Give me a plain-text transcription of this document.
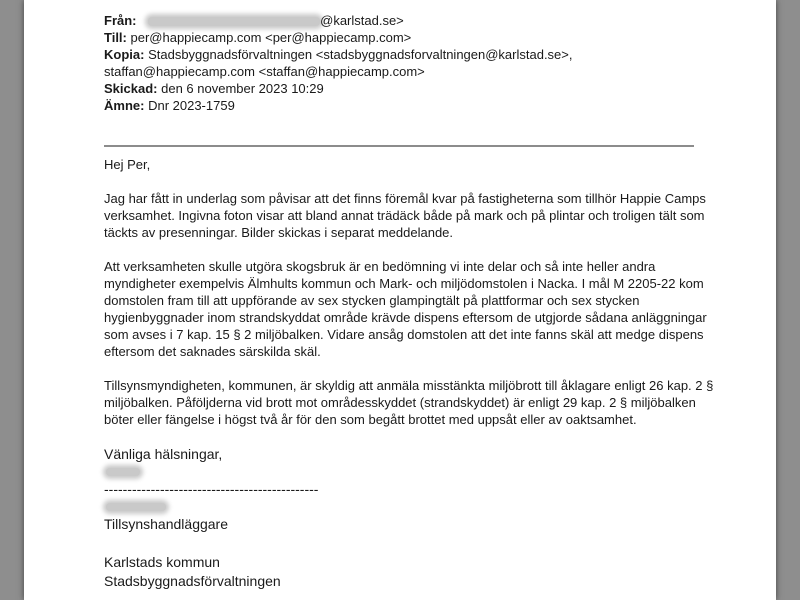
Från:	@karlstad.se>
Till: per@happiecamp.com <per@happiecamp.com>
Kopia: Stadsbyggnadsförvaltningen <stadsbyggnadsforvaltningen@karlstad.se>,
staffan@happiecamp.com <staffan@happiecamp.com>
Skickad: den 6 november 2023 10:29
Ämne: Dnr 2023-1759

Hej Per,

Jag har fått in underlag som påvisar att det finns föremål kvar på fastigheterna som tillhör Happie Camps verksamhet. Ingivna foton visar att bland annat trädäck både på mark och på plintar och troligen tält som täckts av presenningar. Bilder skickas i separat meddelande.

Att verksamheten skulle utgöra skogsbruk är en bedömning vi inte delar och så inte heller andra myndigheter exempelvis Älmhults kommun och Mark- och miljödomstolen i Nacka. I mål M 2205-22 kom domstolen fram till att uppförande av sex stycken glampingtält på plattformar och sex stycken hygienbyggnader inom strandskyddat område krävde dispens eftersom de utgjorde sådana anläggningar som avses i 7 kap. 15 § 2 miljöbalken. Vidare ansåg domstolen att det inte fanns skäl att medge dispens eftersom det saknades särskilda skäl.

Tillsynsmyndigheten, kommunen, är skyldig att anmäla misstänkta miljöbrott till åklagare enligt 26 kap. 2 § miljöbalken. Påföljderna vid brott mot områdesskyddet (strandskyddet) är enligt 29 kap. 2 § miljöbalken böter eller fängelse i högst två år för den som begått brottet med uppsåt eller av oaktsamhet.

Vänliga hälsningar,
----------------------------------------------
Tillsynshandläggare
Karlstads kommun
Stadsbyggnadsförvaltningen
